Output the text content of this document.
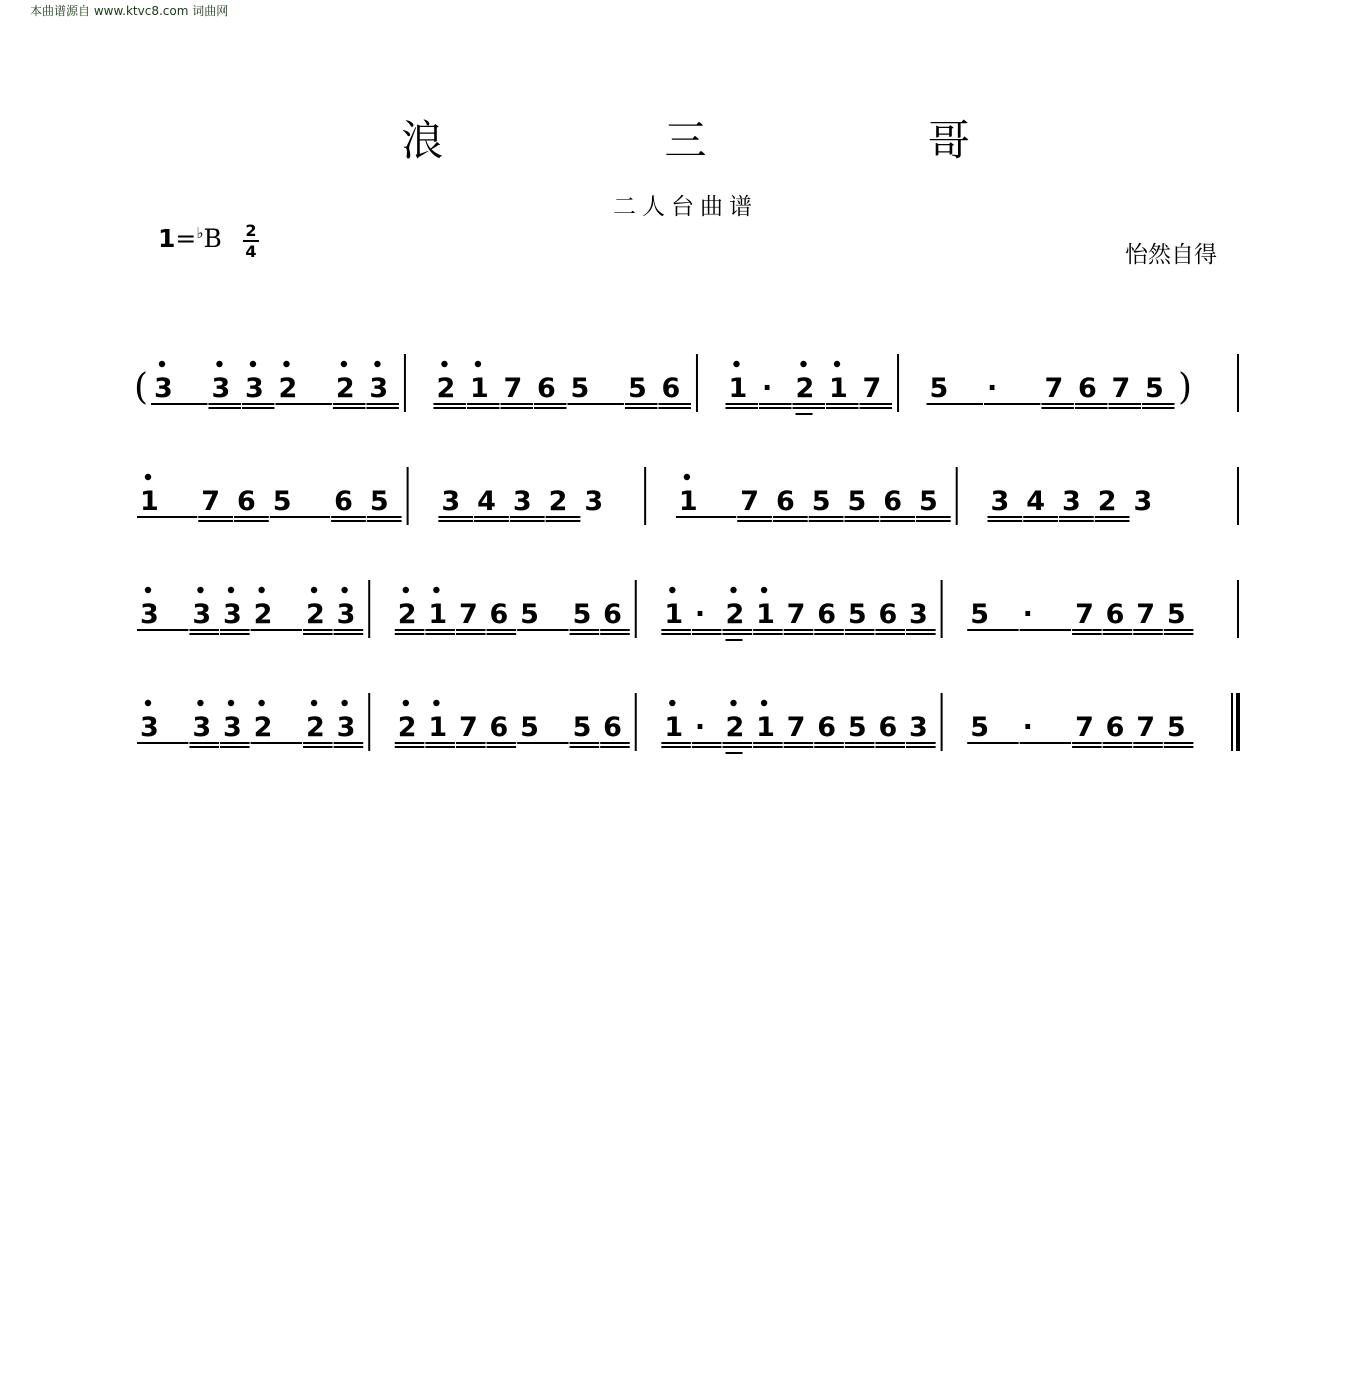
本曲谱源自 www.ktvc8.com 词曲网
浪 三 哥
二人台曲谱
1=♭B	2
4	怡然自得
( 3 3 3 2 2 3 2 1 7 6 5 5 6 1 · 2 1 7 5 · 7 6 7 5 )
1 7 6 5 6 5 3 4 3 2 3	1 7 6 5 5 6 5 3 4 3 2 3
3 3 3 2 2 3 2 1 7 6 5 5 6 1 · 2 1 7 6 5 6 3 5 · 7 6 7 5
3 3 3 2 2 3 2 1 7 6 5 5 6 1 · 2 1 7 6 5 6 3 5 · 7 6 7 5
